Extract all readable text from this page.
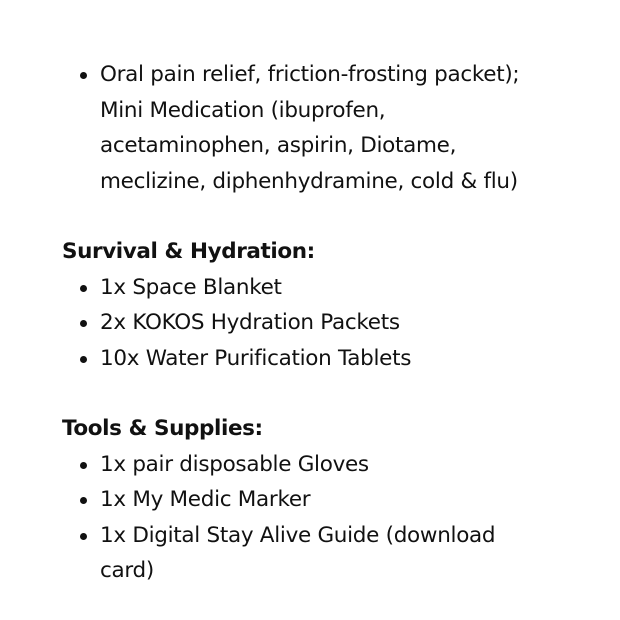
Oral pain relief, friction-frosting packet); Mini Medication (ibuprofen, acetaminophen, aspirin, Diotame, meclizine, diphenhydramine, cold & flu)
Survival & Hydration:
1x Space Blanket
2x KOKOS Hydration Packets
10x Water Purification Tablets
Tools & Supplies:
1x pair disposable Gloves
1x My Medic Marker
1x Digital Stay Alive Guide (download card)
